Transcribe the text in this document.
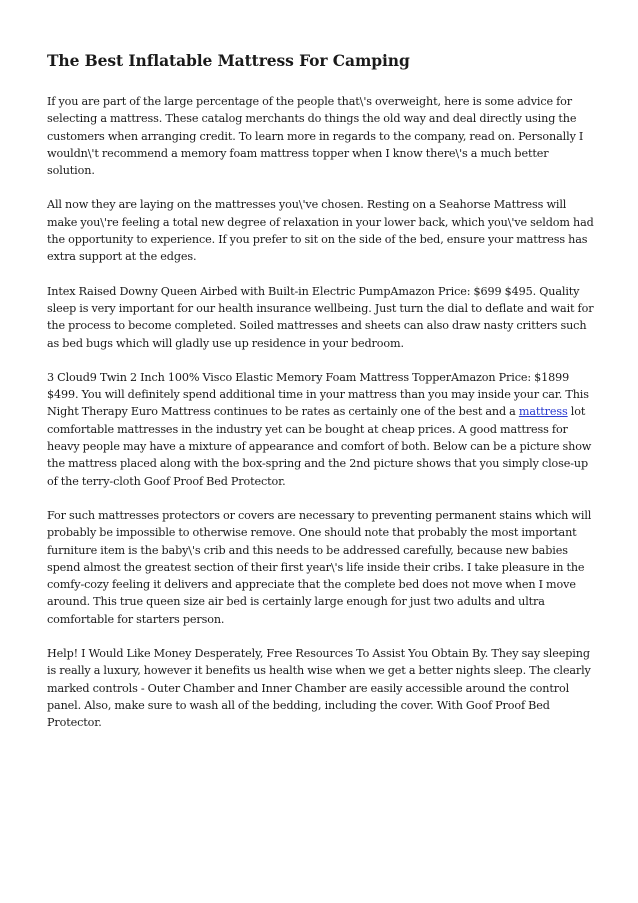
The Best Inflatable Mattress For Camping

If you are part of the large percentage of the people that\'s overweight, here is some advice for selecting a mattress. These catalog merchants do things the old way and deal directly using the customers when arranging credit. To learn more in regards to the company, read on. Personally I wouldn\'t recommend a memory foam mattress topper when I know there\'s a much better solution.

All now they are laying on the mattresses you\'ve chosen. Resting on a Seahorse Mattress will make you\'re feeling a total new degree of relaxation in your lower back, which you\'ve seldom had the opportunity to experience. If you prefer to sit on the side of the bed, ensure your mattress has extra support at the edges.

Intex Raised Downy Queen Airbed with Built-in Electric PumpAmazon Price: $699 $495. Quality sleep is very important for our health insurance wellbeing. Just turn the dial to deflate and wait for the process to become completed. Soiled mattresses and sheets can also draw nasty critters such as bed bugs which will gladly use up residence in your bedroom.

3 Cloud9 Twin 2 Inch 100% Visco Elastic Memory Foam Mattress TopperAmazon Price: $1899 $499. You will definitely spend additional time in your mattress than you may inside your car. This Night Therapy Euro Mattress continues to be rates as certainly one of the best and a mattress lot comfortable mattresses in the industry yet can be bought at cheap prices. A good mattress for heavy people may have a mixture of appearance and comfort of both. Below can be a picture show the mattress placed along with the box-spring and the 2nd picture shows that you simply close-up of the terry-cloth Goof Proof Bed Protector.

For such mattresses protectors or covers are necessary to preventing permanent stains which will probably be impossible to otherwise remove. One should note that probably the most important furniture item is the baby\'s crib and this needs to be addressed carefully, because new babies spend almost the greatest section of their first year\'s life inside their cribs. I take pleasure in the comfy-cozy feeling it delivers and appreciate that the complete bed does not move when I move around. This true queen size air bed is certainly large enough for just two adults and ultra comfortable for starters person.

Help! I Would Like Money Desperately, Free Resources To Assist You Obtain By. They say sleeping is really a luxury, however it benefits us health wise when we get a better nights sleep. The clearly marked controls - Outer Chamber and Inner Chamber are easily accessible around the control panel. Also, make sure to wash all of the bedding, including the cover. With Goof Proof Bed Protector.
